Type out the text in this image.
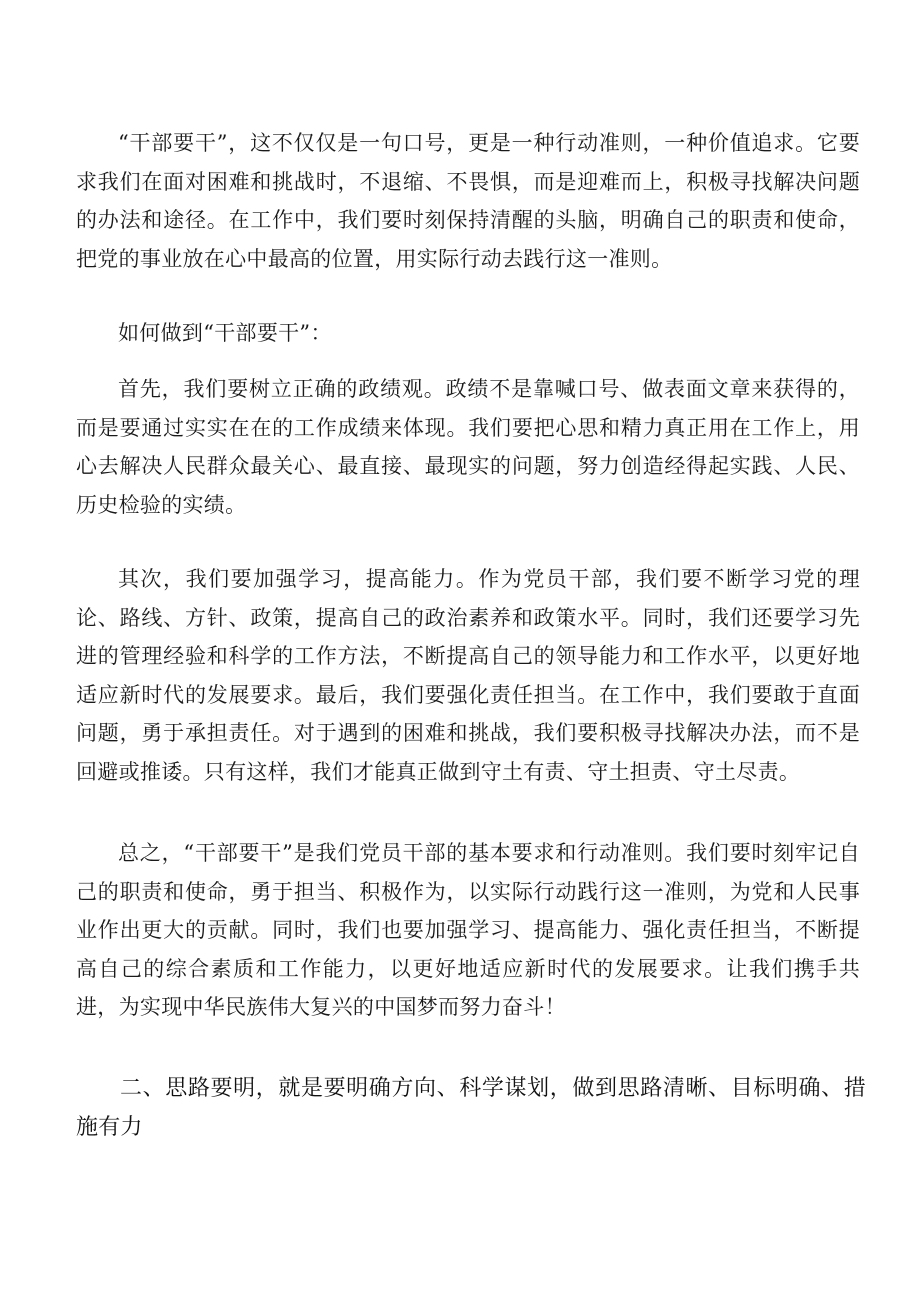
“干部要干”，这不仅仅是一句口号，更是一种行动准则，一种价值追求。它要求我们在面对困难和挑战时，不退缩、不畏惧，而是迎难而上，积极寻找解决问题的办法和途径。在工作中，我们要时刻保持清醒的头脑，明确自己的职责和使命，把党的事业放在心中最高的位置，用实际行动去践行这一准则。

如何做到“干部要干”：

首先，我们要树立正确的政绩观。政绩不是靠喊口号、做表面文章来获得的，而是要通过实实在在的工作成绩来体现。我们要把心思和精力真正用在工作上，用心去解决人民群众最关心、最直接、最现实的问题，努力创造经得起实践、人民、历史检验的实绩。

其次，我们要加强学习，提高能力。作为党员干部，我们要不断学习党的理论、路线、方针、政策，提高自己的政治素养和政策水平。同时，我们还要学习先进的管理经验和科学的工作方法，不断提高自己的领导能力和工作水平，以更好地适应新时代的发展要求。最后，我们要强化责任担当。在工作中，我们要敢于直面问题，勇于承担责任。对于遇到的困难和挑战，我们要积极寻找解决办法，而不是回避或推诿。只有这样，我们才能真正做到守土有责、守土担责、守土尽责。

总之，“干部要干”是我们党员干部的基本要求和行动准则。我们要时刻牢记自己的职责和使命，勇于担当、积极作为，以实际行动践行这一准则，为党和人民事业作出更大的贡献。同时，我们也要加强学习、提高能力、强化责任担当，不断提高自己的综合素质和工作能力，以更好地适应新时代的发展要求。让我们携手共进，为实现中华民族伟大复兴的中国梦而努力奋斗！

二、思路要明，就是要明确方向、科学谋划，做到思路清晰、目标明确、措施有力
